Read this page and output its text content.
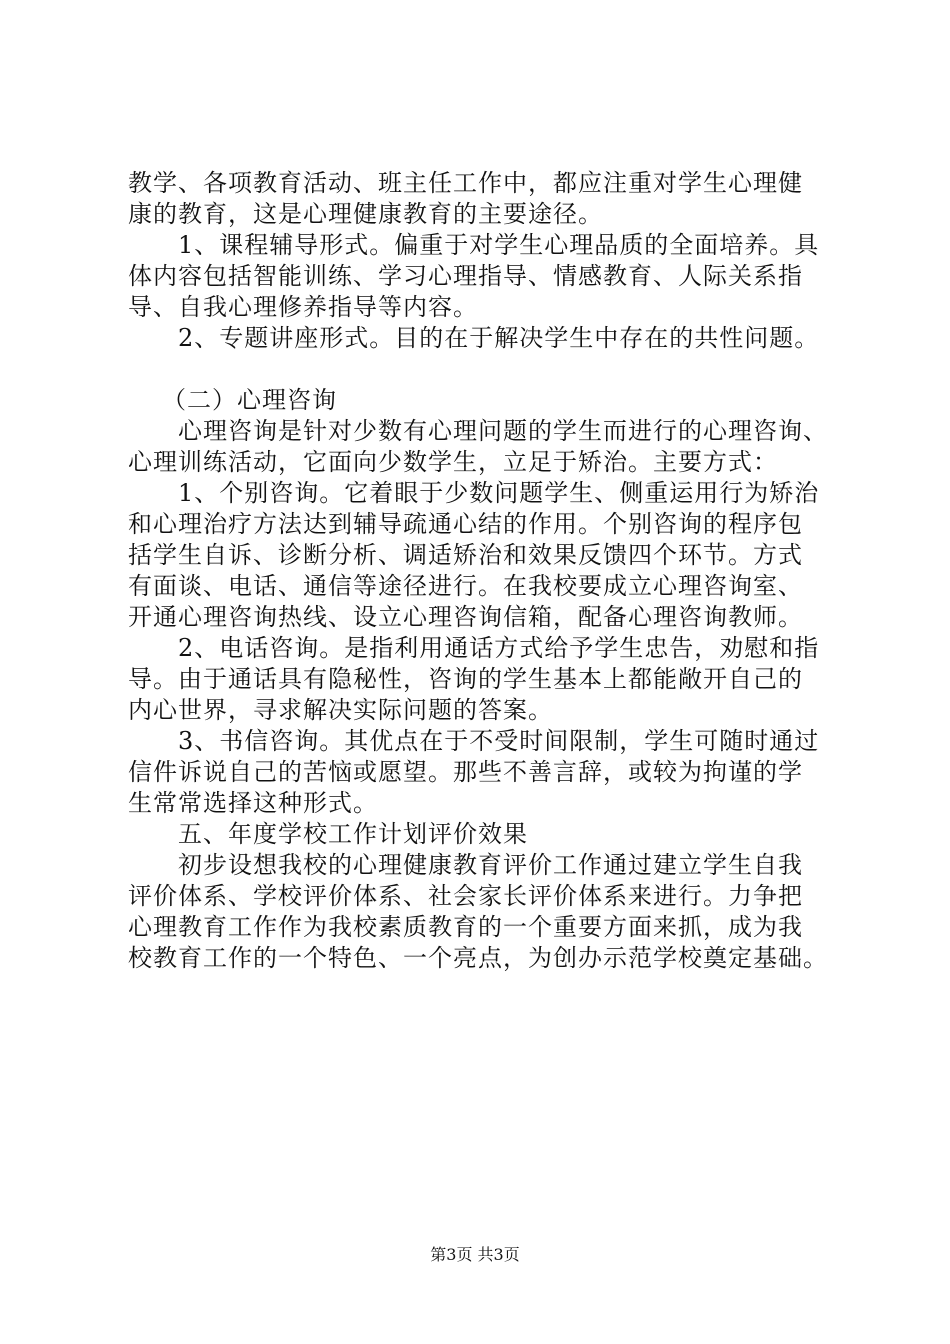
教学、各项教育活动、班主任工作中，都应注重对学生心理健
康的教育，这是心理健康教育的主要途径。
1、课程辅导形式。偏重于对学生心理品质的全面培养。具
体内容包括智能训练、学习心理指导、情感教育、人际关系指
导、自我心理修养指导等内容。
2、专题讲座形式。目的在于解决学生中存在的共性问题。
（二）心理咨询
心理咨询是针对少数有心理问题的学生而进行的心理咨询、
心理训练活动，它面向少数学生，立足于矫治。主要方式：
1、个别咨询。它着眼于少数问题学生、侧重运用行为矫治
和心理治疗方法达到辅导疏通心结的作用。个别咨询的程序包
括学生自诉、诊断分析、调适矫治和效果反馈四个环节。方式
有面谈、电话、通信等途径进行。在我校要成立心理咨询室、
开通心理咨询热线、设立心理咨询信箱，配备心理咨询教师。
2、电话咨询。是指利用通话方式给予学生忠告，劝慰和指
导。由于通话具有隐秘性，咨询的学生基本上都能敞开自己的
内心世界，寻求解决实际问题的答案。
3、书信咨询。其优点在于不受时间限制，学生可随时通过
信件诉说自己的苦恼或愿望。那些不善言辞，或较为拘谨的学
生常常选择这种形式。
五、年度学校工作计划评价效果
初步设想我校的心理健康教育评价工作通过建立学生自我
评价体系、学校评价体系、社会家长评价体系来进行。力争把
心理教育工作作为我校素质教育的一个重要方面来抓，成为我
校教育工作的一个特色、一个亮点，为创办示范学校奠定基础。
第3页 共3页
